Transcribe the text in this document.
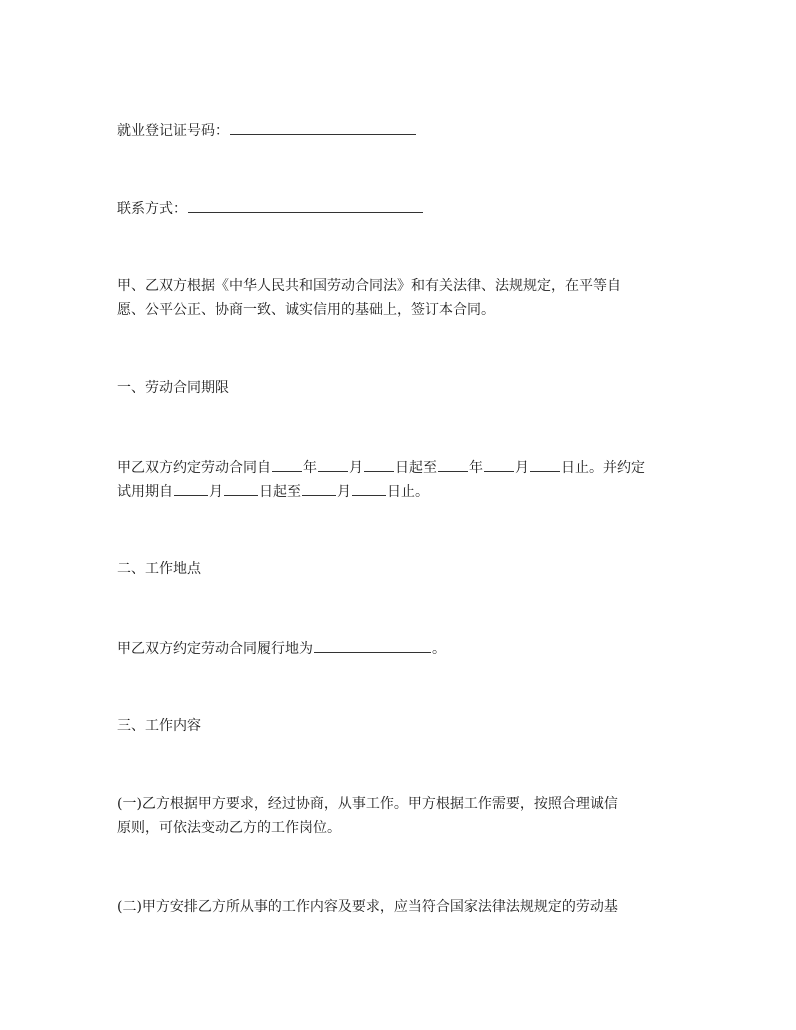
就业登记证号码：
联系方式：
甲、乙双方根据《中华人民共和国劳动合同法》和有关法律、法规规定，在平等自
愿、公平公正、协商一致、诚实信用的基础上，签订本合同。
一、劳动合同期限
甲乙双方约定劳动合同自 年 月 日起至 年 月 日止。并约定
试用期自	月	日起至	月	日止。
二、工作地点
甲乙双方约定劳动合同履行地为	。
三、工作内容
(一)乙方根据甲方要求，经过协商，从事工作。甲方根据工作需要，按照合理诚信
原则，可依法变动乙方的工作岗位。
(二)甲方安排乙方所从事的工作内容及要求，应当符合国家法律法规规定的劳动基
